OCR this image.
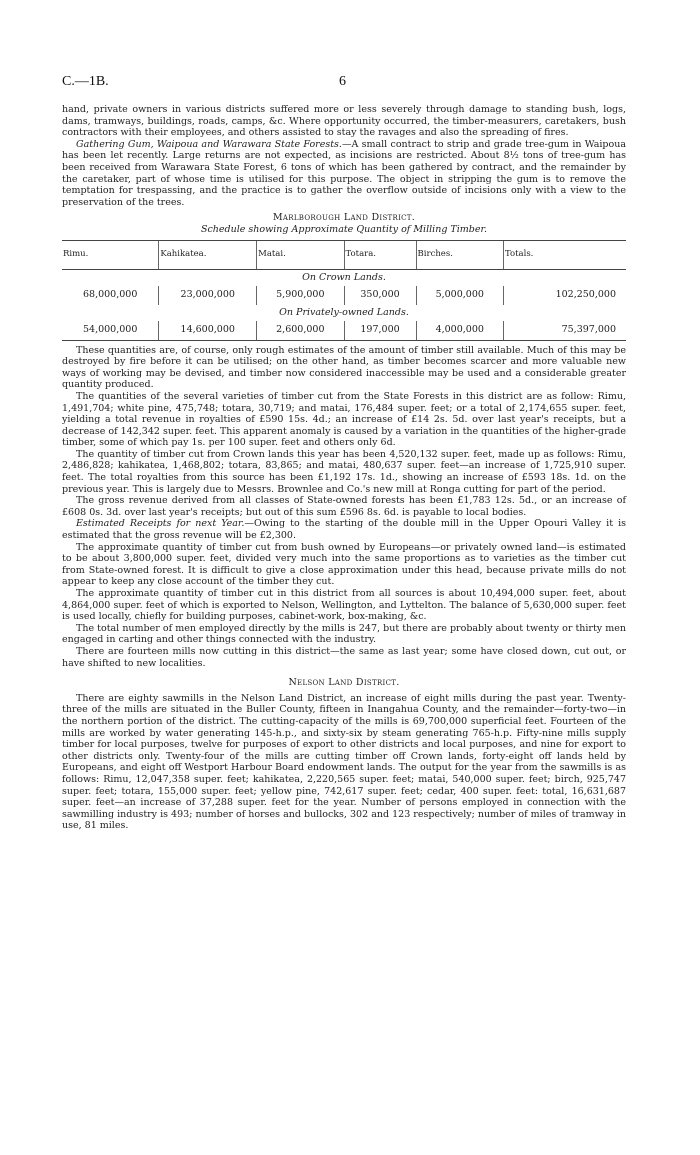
C.—1B.	6

hand, private owners in various districts suffered more or less severely through damage to standing bush, logs, dams, tramways, buildings, roads, camps, &c. Where opportunity occurred, the timber-measurers, caretakers, bush contractors with their employees, and others assisted to stay the ravages and also the spreading of fires.

Gathering Gum, Waipoua and Warawara State Forests.—A small contract to strip and grade tree-gum in Waipoua has been let recently. Large returns are not expected, as incisions are restricted. About 8½ tons of tree-gum has been received from Warawara State Forest, 6 tons of which has been gathered by contract, and the remainder by the caretaker, part of whose time is utilised for this purpose. The object in stripping the gum is to remove the temptation for trespassing, and the practice is to gather the overflow outside of incisions only with a view to the preservation of the trees.

Marlborough Land District.

Schedule showing Approximate Quantity of Milling Timber.

Rimu.	Kahikatea.	Matai.	Totara.	Birches.	Totals.
On Crown Lands.					
68,000,000	23,000,000	5,900,000	350,000	5,000,000	102,250,000
On Privately-owned Lands.					
54,000,000	14,600,000	2,600,000	197,000	4,000,000	75,397,000

These quantities are, of course, only rough estimates of the amount of timber still available. Much of this may be destroyed by fire before it can be utilised; on the other hand, as timber becomes scarcer and more valuable new ways of working may be devised, and timber now considered inaccessible may be used and a considerable greater quantity produced.

The quantities of the several varieties of timber cut from the State Forests in this district are as follow: Rimu, 1,491,704; white pine, 475,748; totara, 30,719; and matai, 176,484 super. feet; or a total of 2,174,655 super. feet, yielding a total revenue in royalties of £590 15s. 4d.; an increase of £14 2s. 5d. over last year's receipts, but a decrease of 142,342 super. feet. This apparent anomaly is caused by a variation in the quantities of the higher-grade timber, some of which pay 1s. per 100 super. feet and others only 6d.

The quantity of timber cut from Crown lands this year has been 4,520,132 super. feet, made up as follows: Rimu, 2,486,828; kahikatea, 1,468,802; totara, 83,865; and matai, 480,637 super. feet—an increase of 1,725,910 super. feet. The total royalties from this source has been £1,192 17s. 1d., showing an increase of £593 18s. 1d. on the previous year. This is largely due to Messrs. Brownlee and Co.'s new mill at Ronga cutting for part of the period.

The gross revenue derived from all classes of State-owned forests has been £1,783 12s. 5d., or an increase of £608 0s. 3d. over last year's receipts; but out of this sum £596 8s. 6d. is payable to local bodies.

Estimated Receipts for next Year.—Owing to the starting of the double mill in the Upper Opouri Valley it is estimated that the gross revenue will be £2,300.

The approximate quantity of timber cut from bush owned by Europeans—or privately owned land—is estimated to be about 3,800,000 super. feet, divided very much into the same proportions as to varieties as the timber cut from State-owned forest. It is difficult to give a close approximation under this head, because private mills do not appear to keep any close account of the timber they cut.

The approximate quantity of timber cut in this district from all sources is about 10,494,000 super. feet, about 4,864,000 super. feet of which is exported to Nelson, Wellington, and Lyttelton. The balance of 5,630,000 super. feet is used locally, chiefly for building purposes, cabinet-work, box-making, &c.

The total number of men employed directly by the mills is 247, but there are probably about twenty or thirty men engaged in carting and other things connected with the industry.

There are fourteen mills now cutting in this district—the same as last year; some have closed down, cut out, or have shifted to new localities.

Nelson Land District.

There are eighty sawmills in the Nelson Land District, an increase of eight mills during the past year. Twenty-three of the mills are situated in the Buller County, fifteen in Inangahua County, and the remainder—forty-two—in the northern portion of the district. The cutting-capacity of the mills is 69,700,000 superficial feet. Fourteen of the mills are worked by water generating 145-h.p., and sixty-six by steam generating 765-h.p. Fifty-nine mills supply timber for local purposes, twelve for purposes of export to other districts and local purposes, and nine for export to other districts only. Twenty-four of the mills are cutting timber off Crown lands, forty-eight off lands held by Europeans, and eight off Westport Harbour Board endowment lands. The output for the year from the sawmills is as follows: Rimu, 12,047,358 super. feet; kahikatea, 2,220,565 super. feet; matai, 540,000 super. feet; birch, 925,747 super. feet; totara, 155,000 super. feet; yellow pine, 742,617 super. feet; cedar, 400 super. feet: total, 16,631,687 super. feet—an increase of 37,288 super. feet for the year. Number of persons employed in connection with the sawmilling industry is 493; number of horses and bullocks, 302 and 123 respectively; number of miles of tramway in use, 81 miles.
